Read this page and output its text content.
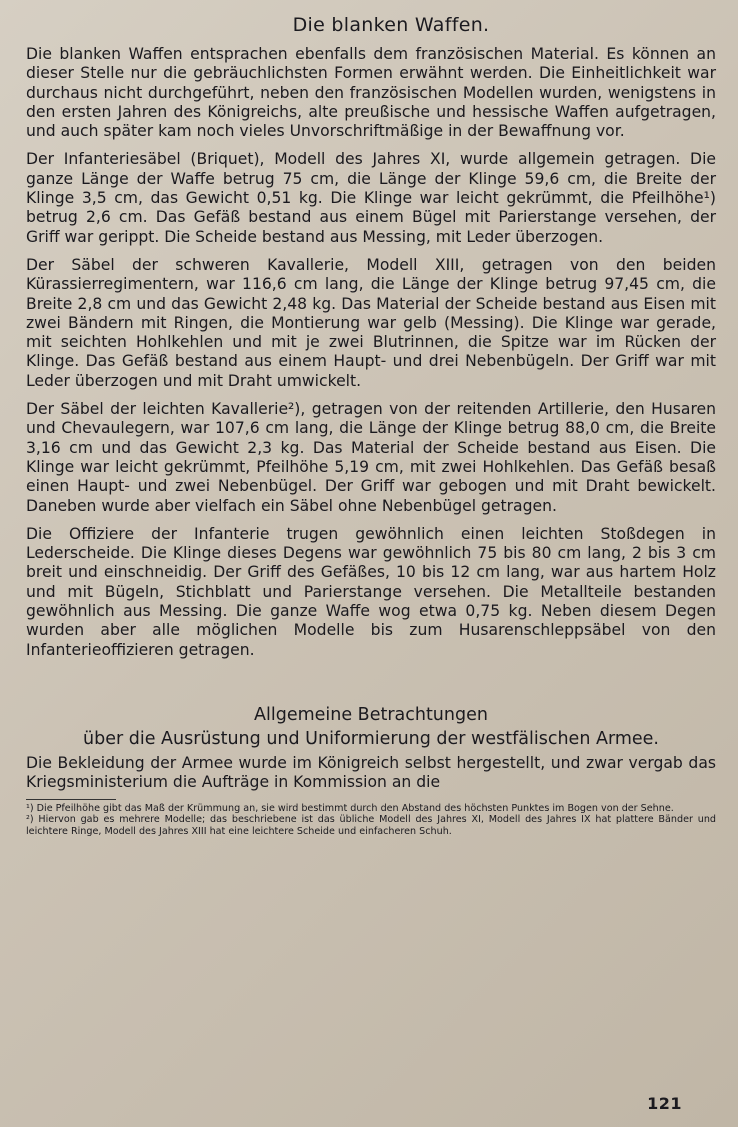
Die blanken Waffen.

Die blanken Waffen entsprachen ebenfalls dem französischen Material. Es können an dieser Stelle nur die gebräuchlichsten Formen erwähnt werden. Die Einheitlichkeit war durchaus nicht durchgeführt, neben den französischen Modellen wurden, wenigstens in den ersten Jahren des Königreichs, alte preußische und hessische Waffen aufgetragen, und auch später kam noch vieles Unvorschriftmäßige in der Bewaffnung vor.

Der Infanteriesäbel (Briquet), Modell des Jahres XI, wurde allgemein getragen. Die ganze Länge der Waffe betrug 75 cm, die Länge der Klinge 59,6 cm, die Breite der Klinge 3,5 cm, das Gewicht 0,51 kg. Die Klinge war leicht gekrümmt, die Pfeilhöhe¹) betrug 2,6 cm. Das Gefäß bestand aus einem Bügel mit Parierstange versehen, der Griff war gerippt. Die Scheide bestand aus Messing, mit Leder überzogen.

Der Säbel der schweren Kavallerie, Modell XIII, getragen von den beiden Kürassierregimentern, war 116,6 cm lang, die Länge der Klinge betrug 97,45 cm, die Breite 2,8 cm und das Gewicht 2,48 kg. Das Material der Scheide bestand aus Eisen mit zwei Bändern mit Ringen, die Montierung war gelb (Messing). Die Klinge war gerade, mit seichten Hohlkehlen und mit je zwei Blutrinnen, die Spitze war im Rücken der Klinge. Das Gefäß bestand aus einem Haupt- und drei Nebenbügeln. Der Griff war mit Leder überzogen und mit Draht umwickelt.

Der Säbel der leichten Kavallerie²), getragen von der reitenden Artillerie, den Husaren und Chevaulegern, war 107,6 cm lang, die Länge der Klinge betrug 88,0 cm, die Breite 3,16 cm und das Gewicht 2,3 kg. Das Material der Scheide bestand aus Eisen. Die Klinge war leicht gekrümmt, Pfeilhöhe 5,19 cm, mit zwei Hohlkehlen. Das Gefäß besaß einen Haupt- und zwei Nebenbügel. Der Griff war gebogen und mit Draht bewickelt. Daneben wurde aber vielfach ein Säbel ohne Nebenbügel getragen.

Die Offiziere der Infanterie trugen gewöhnlich einen leichten Stoßdegen in Lederscheide. Die Klinge dieses Degens war gewöhnlich 75 bis 80 cm lang, 2 bis 3 cm breit und einschneidig. Der Griff des Gefäßes, 10 bis 12 cm lang, war aus hartem Holz und mit Bügeln, Stichblatt und Parierstange versehen. Die Metallteile bestanden gewöhnlich aus Messing. Die ganze Waffe wog etwa 0,75 kg. Neben diesem Degen wurden aber alle möglichen Modelle bis zum Husarenschleppsäbel von den Infanterieoffizieren getragen.

Allgemeine Betrachtungen
über die Ausrüstung und Uniformierung der westfälischen Armee.

Die Bekleidung der Armee wurde im Königreich selbst hergestellt, und zwar vergab das Kriegsministerium die Aufträge in Kommission an die

¹) Die Pfeilhöhe gibt das Maß der Krümmung an, sie wird bestimmt durch den Abstand des höchsten Punktes im Bogen von der Sehne.

²) Hiervon gab es mehrere Modelle; das beschriebene ist das übliche Modell des Jahres XI, Modell des Jahres IX hat plattere Bänder und leichtere Ringe, Modell des Jahres XIII hat eine leichtere Scheide und einfacheren Schuh.

121
